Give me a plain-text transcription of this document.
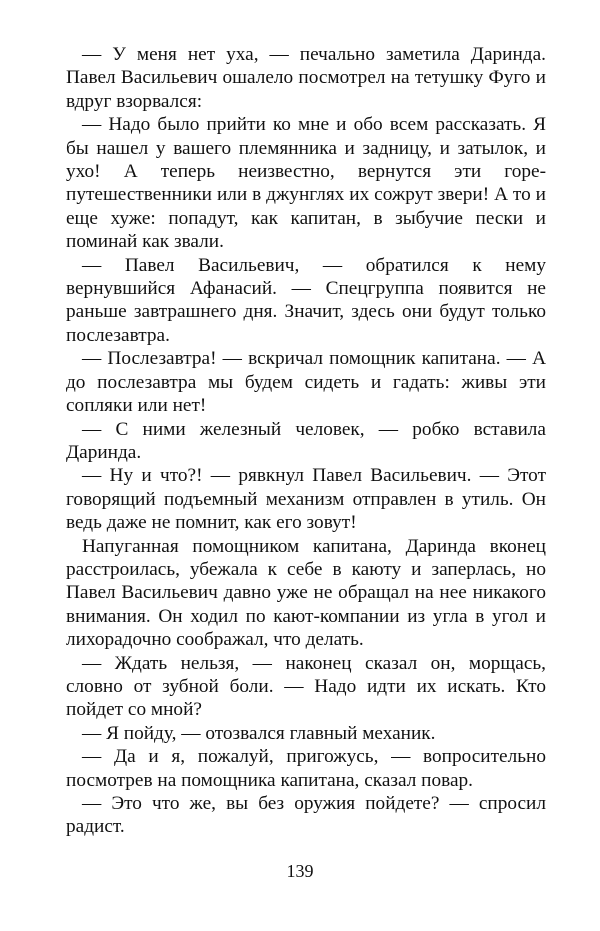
— У меня нет уха, — печально заметила Даринда. Павел Васильевич ошалело посмотрел на тетушку Фуго и вдруг взорвался:

— Надо было прийти ко мне и обо всем рассказать. Я бы нашел у вашего племянника и задницу, и затылок, и ухо! А теперь неизвестно, вернутся эти горе-путешественники или в джунглях их сожрут звери! А то и еще хуже: попадут, как капитан, в зыбучие пески и поминай как звали.

— Павел Васильевич, — обратился к нему вернувшийся Афанасий. — Спецгруппа появится не раньше завтрашнего дня. Значит, здесь они будут только послезавтра.

— Послезавтра! — вскричал помощник капитана. — А до послезавтра мы будем сидеть и гадать: живы эти сопляки или нет!

— С ними железный человек, — робко вставила Даринда.

— Ну и что?! — рявкнул Павел Васильевич. — Этот говорящий подъемный механизм отправлен в утиль. Он ведь даже не помнит, как его зовут!

Напуганная помощником капитана, Даринда вконец расстроилась, убежала к себе в каюту и заперлась, но Павел Васильевич давно уже не обращал на нее никакого внимания. Он ходил по кают-компании из угла в угол и лихорадочно соображал, что делать.

— Ждать нельзя, — наконец сказал он, морщась, словно от зубной боли. — Надо идти их искать. Кто пойдет со мной?

— Я пойду, — отозвался главный механик.

— Да и я, пожалуй, пригожусь, — вопросительно посмотрев на помощника капитана, сказал повар.

— Это что же, вы без оружия пойдете? — спросил радист.

139
